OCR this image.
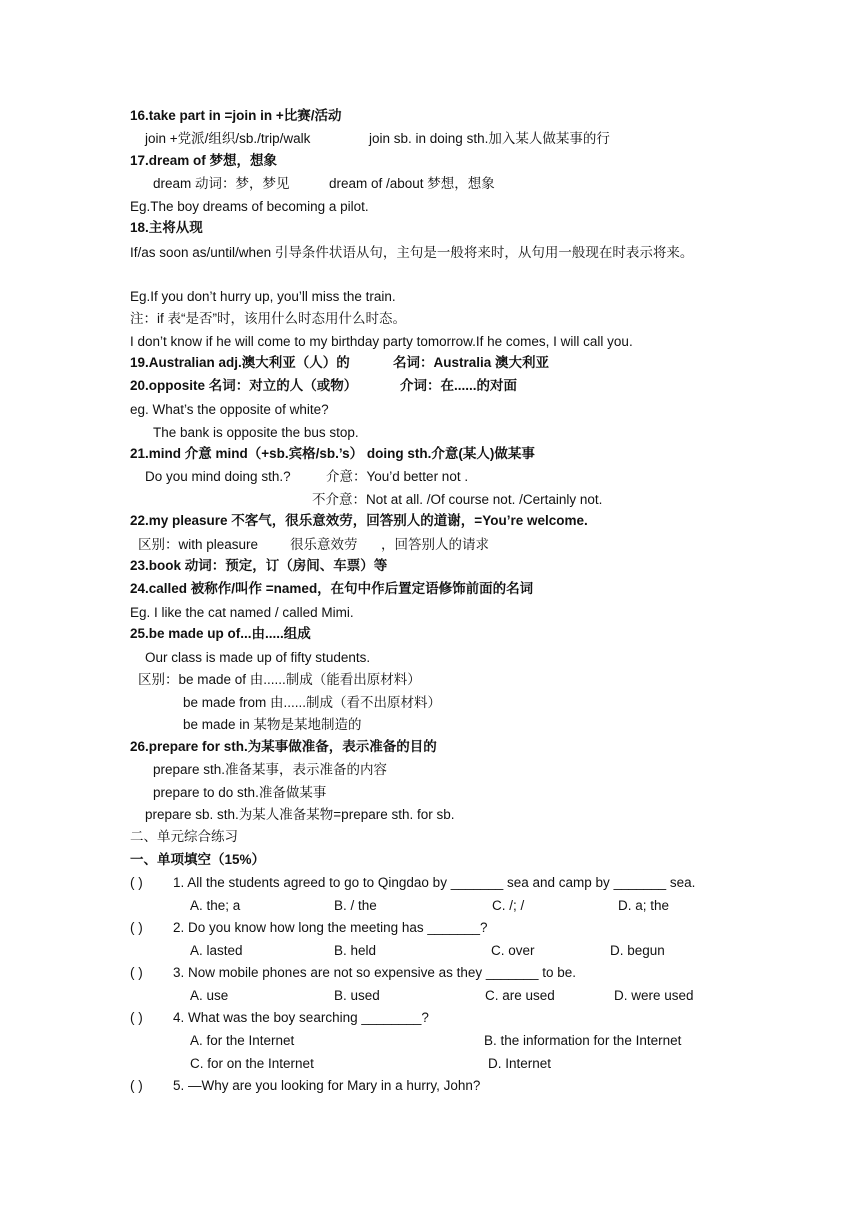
16.take part in =join in +比赛/活动
join +党派/组织/sb./trip/walk	join sb. in doing sth.加入某人做某事的行
17.dream of 梦想，想象
dream 动词：梦，梦见	dream of /about 梦想，想象
Eg.The boy dreams of becoming a pilot.
18.主将从现
If/as soon as/until/when 引导条件状语从句，主句是一般将来时，从句用一般现在时表示将来。
Eg.If you don’t hurry up, you’ll miss the train.
注：if 表“是否”时，该用什么时态用什么时态。
I don’t know if he will come to my birthday party tomorrow.If he comes, I will call you.
19.Australian adj.澳大利亚（人）的	名词：Australia 澳大利亚
20.opposite 名词：对立的人（或物）	介词：在......的对面
eg. What’s the opposite of white?
The bank is opposite the bus stop.
21.mind 介意 mind（+sb.宾格/sb.’s） doing sth.介意(某人)做某事
Do you mind doing sth.?	介意：You’d better not .
不介意：Not at all. /Of course not. /Certainly not.
22.my pleasure 不客气，很乐意效劳，回答别人的道谢，=You’re welcome.
区别：with pleasure 很乐意效劳 ，回答别人的请求
23.book 动词：预定，订（房间、车票）等
24.called 被称作/叫作 =named，在句中作后置定语修饰前面的名词
Eg. I like the cat named / called Mimi.
25.be made up of...由.....组成
Our class is made up of fifty students.
区别：be made of 由......制成（能看出原材料）
be made from 由......制成（看不出原材料）
be made in 某物是某地制造的
26.prepare for sth.为某事做准备，表示准备的目的
prepare sth.准备某事，表示准备的内容
prepare to do sth.准备做某事
prepare sb. sth.为某人准备某物=prepare sth. for sb.
二、单元综合练习
一、单项填空（15%）
( ) 1. All the students agreed to go to Qingdao by _______ sea and camp by _______ sea.
A. the; a	B. / the	C. /; /	D. a; the
( ) 2. Do you know how long the meeting has _______?
A. lasted	B. held	C. over	D. begun
( ) 3. Now mobile phones are not so expensive as they _______ to be.
A. use	B. used	C. are used	D. were used
( ) 4. What was the boy searching ________?
A. for the Internet	B. the information for the Internet
C. for on the Internet	D. Internet
( ) 5. —Why are you looking for Mary in a hurry, John?
